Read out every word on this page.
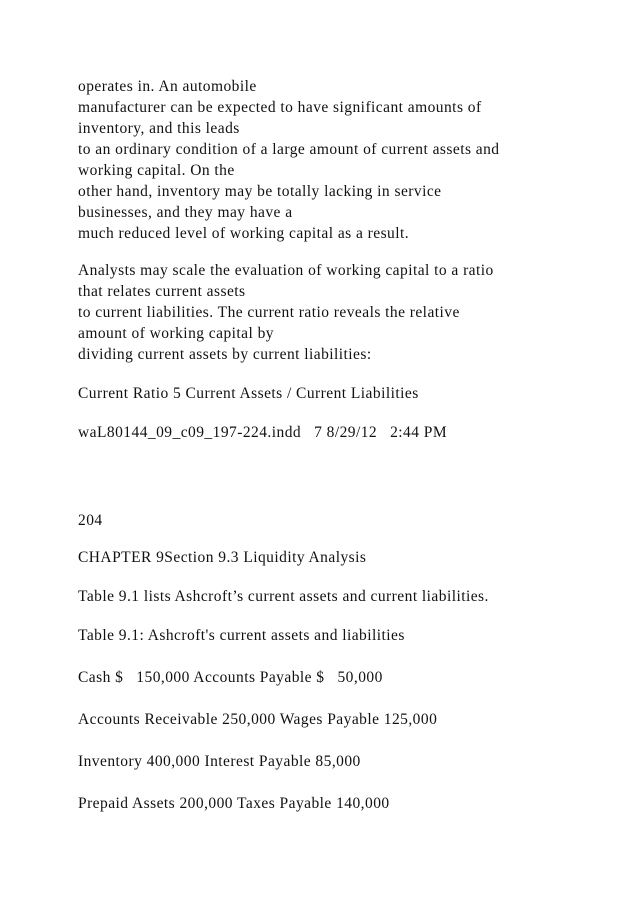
operates in. An automobile

manufacturer can be expected to have significant amounts of

inventory, and this leads

to an ordinary condition of a large amount of current assets and

working capital. On the

other hand, inventory may be totally lacking in service

businesses, and they may have a

much reduced level of working capital as a result.

Analysts may scale the evaluation of working capital to a ratio

that relates current assets

to current liabilities. The current ratio reveals the relative

amount of working capital by

dividing current assets by current liabilities:

Current Ratio 5 Current Assets / Current Liabilities

waL80144_09_c09_197-224.indd   7 8/29/12   2:44 PM

204

CHAPTER 9Section 9.3 Liquidity Analysis

Table 9.1 lists Ashcroft’s current assets and current liabilities.

Table 9.1: Ashcroft's current assets and liabilities

Cash $   150,000 Accounts Payable $   50,000

Accounts Receivable 250,000 Wages Payable 125,000

Inventory 400,000 Interest Payable 85,000

Prepaid Assets 200,000 Taxes Payable 140,000
